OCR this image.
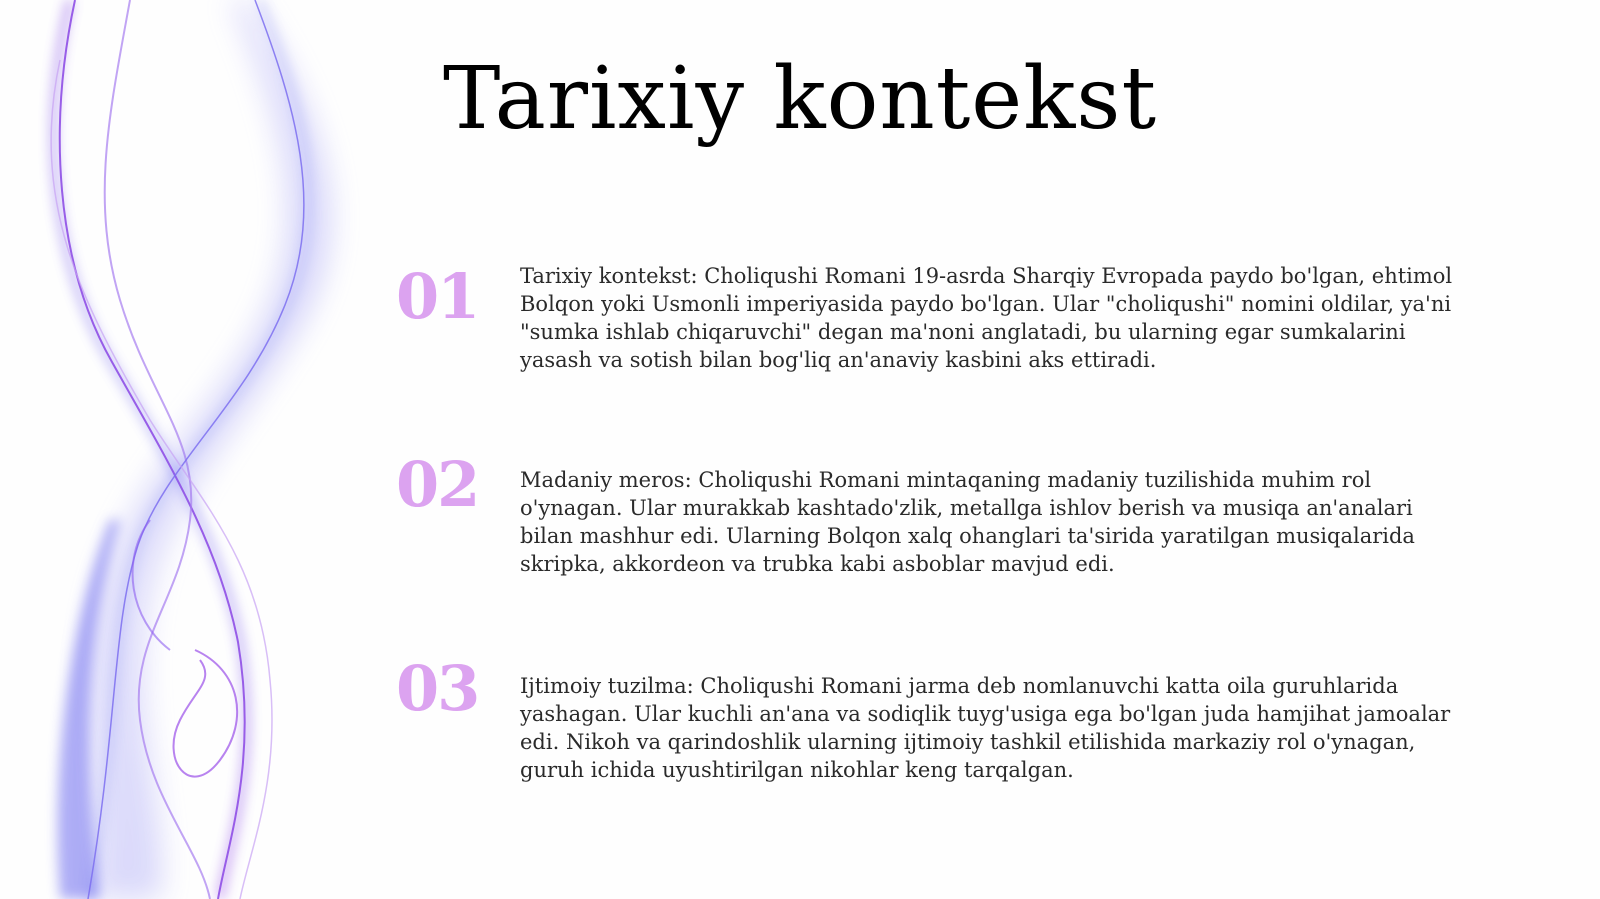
Tarixiy kontekst
01 Tarixiy kontekst: Choliqushi Romani 19-asrda Sharqiy Evropada paydo bo'lgan, ehtimol Bolqon yoki Usmonli imperiyasida paydo bo'lgan. Ular "choliqushi" nomini oldilar, ya'ni "sumka ishlab chiqaruvchi" degan ma'noni anglatadi, bu ularning egar sumkalarini yasash va sotish bilan bog'liq an'anaviy kasbini aks ettiradi.
02 Madaniy meros: Choliqushi Romani mintaqaning madaniy tuzilishida muhim rol o'ynagan. Ular murakkab kashtado'zlik, metallga ishlov berish va musiqa an'analari bilan mashhur edi. Ularning Bolqon xalq ohanglari ta'sirida yaratilgan musiqalarida skripka, akkordeon va trubka kabi asboblar mavjud edi.
03 Ijtimoiy tuzilma: Choliqushi Romani jarma deb nomlanuvchi katta oila guruhlarida yashagan. Ular kuchli an'ana va sodiqlik tuyg'usiga ega bo'lgan juda hamjihat jamoalar edi. Nikoh va qarindoshlik ularning ijtimoiy tashkil etilishida markaziy rol o'ynagan, guruh ichida uyushtirilgan nikohlar keng tarqalgan.
